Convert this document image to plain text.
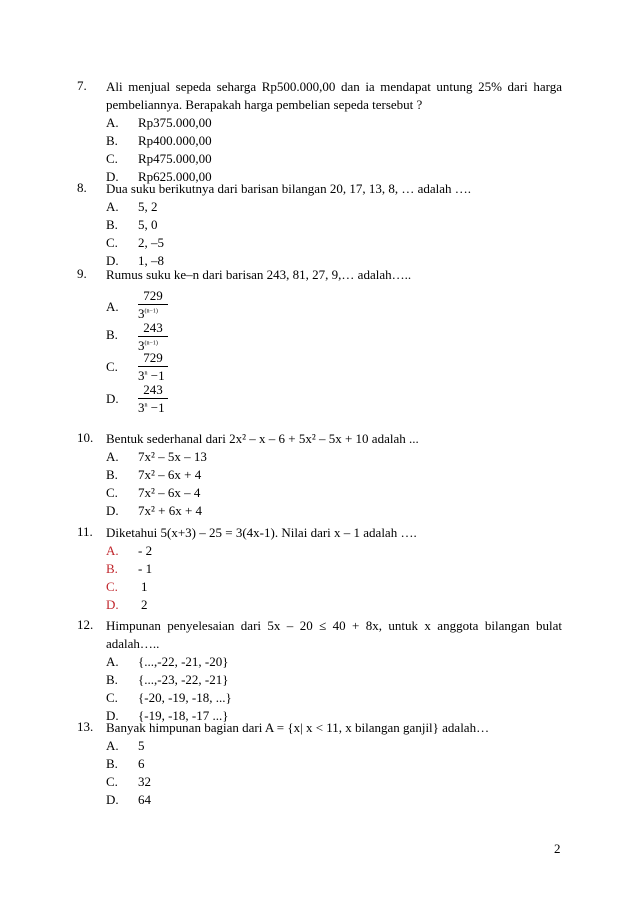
7. Ali menjual sepeda seharga Rp500.000,00 dan ia mendapat untung 25% dari harga
pembeliannya. Berapakah harga pembelian sepeda tersebut ?
A. Rp375.000,00
B. Rp400.000,00
C. Rp475.000,00
D. Rp625.000,00
8. Dua suku berikutnya dari barisan bilangan 20, 17, 13, 8, … adalah ….
A. 5, 2
B. 5, 0
C. 2, –5
D. 1, –8
9. Rumus suku ke–n dari barisan 243, 81, 27, 9,… adalah…..
A.
729
$3^{(n-1)}$
B.	243
$3^{(n-1)}$
C.
729
$3^n -1$
D.
243
$3^n -1$
10. Bentuk sederhanal dari 2x² – x – 6 + 5x² – 5x + 10 adalah ...
A. 7x² – 5x – 13
B. 7x² – 6x + 4
C. 7x² – 6x – 4
D. 7x² + 6x + 4
11. Diketahui 5(x+3) – 25 = 3(4x-1). Nilai dari x – 1 adalah ….
A. - 2
B. - 1
C. 1
D. 2
12. Himpunan penyelesaian dari 5x – 20 ≤ 40 + 8x, untuk x anggota bilangan bulat
adalah…..
A. {...,-22, -21, -20}
B. {...,-23, -22, -21}
C. {-20, -19, -18, ...}
D. {-19, -18, -17 ...}
13. Banyak himpunan bagian dari A = {x| x < 11, x bilangan ganjil} adalah…
A. 5
B. 6
C. 32
D. 64
2
